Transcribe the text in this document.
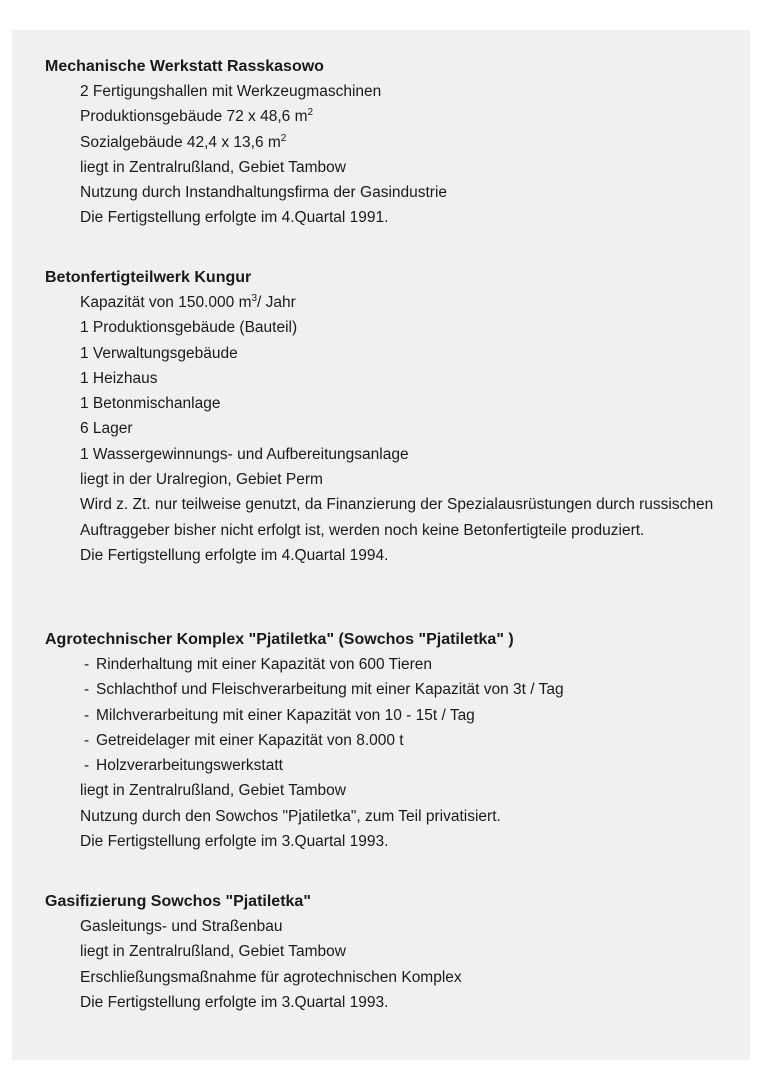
Mechanische Werkstatt Rasskasowo
2 Fertigungshallen mit Werkzeugmaschinen
Produktionsgebäude 72 x 48,6 $m^2$
Sozialgebäude 42,4 x 13,6 $m^2$
liegt in Zentralrußland, Gebiet Tambow
Nutzung durch Instandhaltungsfirma der Gasindustrie
Die Fertigstellung erfolgte im 4.Quartal 1991.
Betonfertigteilwerk Kungur
Kapazität von 150.000 $m^3/$ Jahr
1 Produktionsgebäude (Bauteil)
1 Verwaltungsgebäude
1 Heizhaus
1 Betonmischanlage
6 Lager
1 Wassergewinnungs- und Aufbereitungsanlage
liegt in der Uralregion, Gebiet Perm
Wird z. Zt. nur teilweise genutzt, da Finanzierung der Spezialausrüstungen durch russischen Auftraggeber bisher nicht erfolgt ist, werden noch keine Betonfertigteile produziert.
Die Fertigstellung erfolgte im 4.Quartal 1994.
Agrotechnischer Komplex "Pjatiletka" (Sowchos "Pjatiletka" )
- Rinderhaltung mit einer Kapazität von 600 Tieren
- Schlachthof und Fleischverarbeitung mit einer Kapazität von 3t / Tag
- Milchverarbeitung mit einer Kapazität von 10 - 15t / Tag
- Getreidelager mit einer Kapazität von 8.000 t
- Holzverarbeitungswerkstatt
liegt in Zentralrußland, Gebiet Tambow
Nutzung durch den Sowchos "Pjatiletka", zum Teil privatisiert.
Die Fertigstellung erfolgte im 3.Quartal 1993.
Gasifizierung Sowchos "Pjatiletka"
Gasleitungs- und Straßenbau
liegt in Zentralrußland, Gebiet Tambow
Erschließungsmaßnahme für agrotechnischen Komplex
Die Fertigstellung erfolgte im 3.Quartal 1993.
